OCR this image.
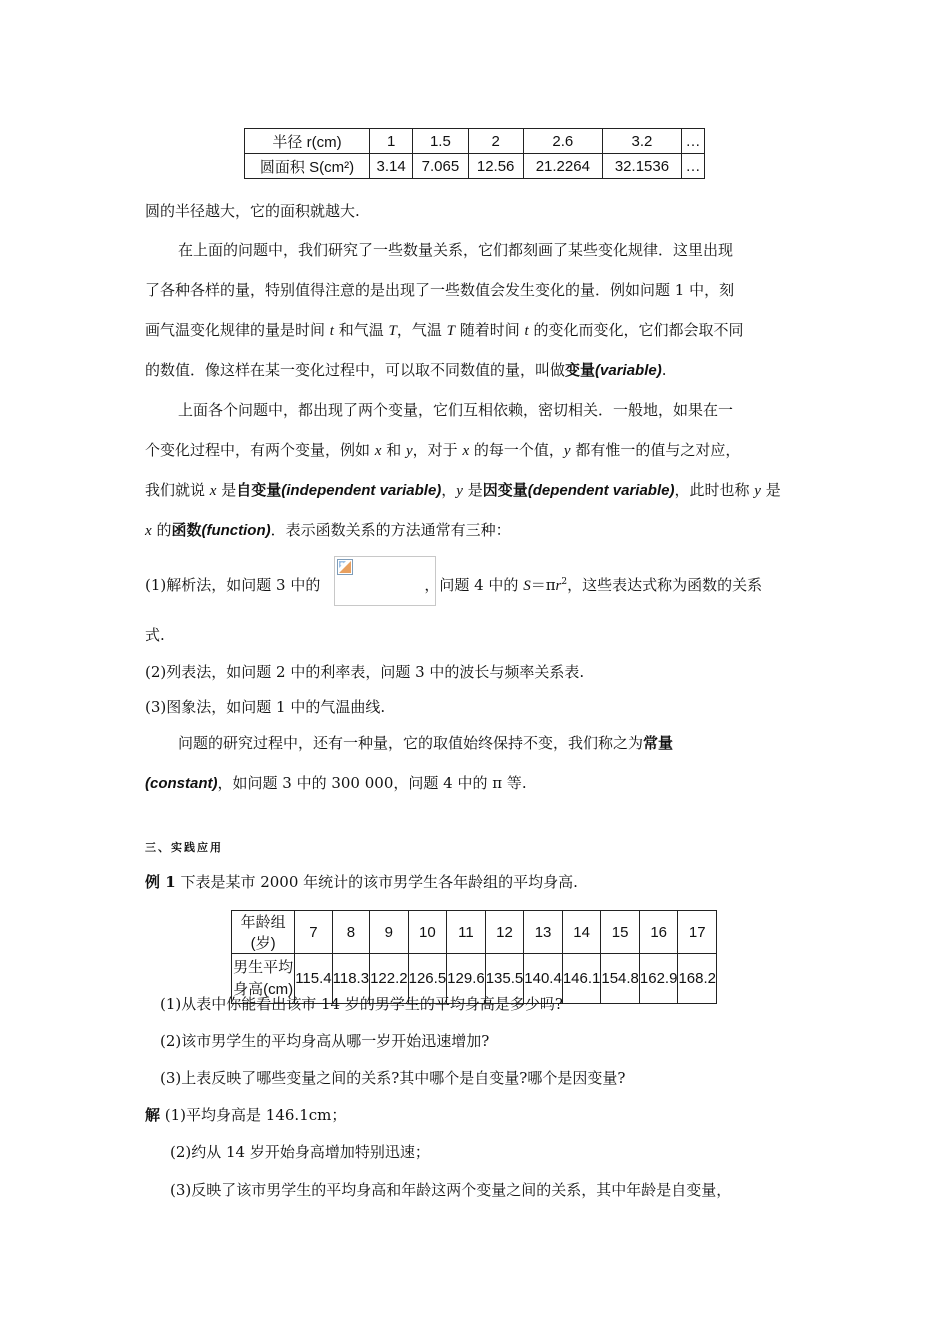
半径 r(cm)	1	1.5	2	2.6	3.2	…
圆面积 S(cm²)	3.14	7.065	12.56	21.2264	32.1536	…
圆的半径越大，它的面积就越大.
在上面的问题中，我们研究了一些数量关系，它们都刻画了某些变化规律．这里出现
了各种各样的量，特别值得注意的是出现了一些数值会发生变化的量．例如问题 1 中，刻
画气温变化规律的量是时间 t 和气温 T，气温 T 随着时间 t 的变化而变化，它们都会取不同
的数值．像这样在某一变化过程中，可以取不同数值的量，叫做变量(variable).
上面各个问题中，都出现了两个变量，它们互相依赖，密切相关．一般地，如果在一
个变化过程中，有两个变量，例如 x 和 y，对于 x 的每一个值，y 都有惟一的值与之对应，
我们就说 x 是自变量(independent variable)，y 是因变量(dependent variable)，此时也称 y 是
x 的函数(function)．表示函数关系的方法通常有三种：
(1)解析法，如问题 3 中的	，问题 4 中的 $S=\pi r^2$，这些表达式称为函数的关系
式.
(2)列表法，如问题 2 中的利率表，问题 3 中的波长与频率关系表.
(3)图象法，如问题 1 中的气温曲线.
问题的研究过程中，还有一种量，它的取值始终保持不变，我们称之为常量
(constant)，如问题 3 中的 300 000，问题 4 中的 π 等.
三、实践应用
例 1 下表是某市 2000 年统计的该市男学生各年龄组的平均身高.
年龄组(岁)	7	8	9	10	11	12	13	14	15	16	17

男生平均
身高(cm)	115.4	118.3	122.2	126.5	129.6	135.5	140.4	146.1	154.8	162.9	168.2
(1)从表中你能看出该市 14 岁的男学生的平均身高是多少吗?
(2)该市男学生的平均身高从哪一岁开始迅速增加?
(3)上表反映了哪些变量之间的关系?其中哪个是自变量?哪个是因变量?
解 (1)平均身高是 146.1cm；
(2)约从 14 岁开始身高增加特别迅速；
(3)反映了该市男学生的平均身高和年龄这两个变量之间的关系，其中年龄是自变量，
